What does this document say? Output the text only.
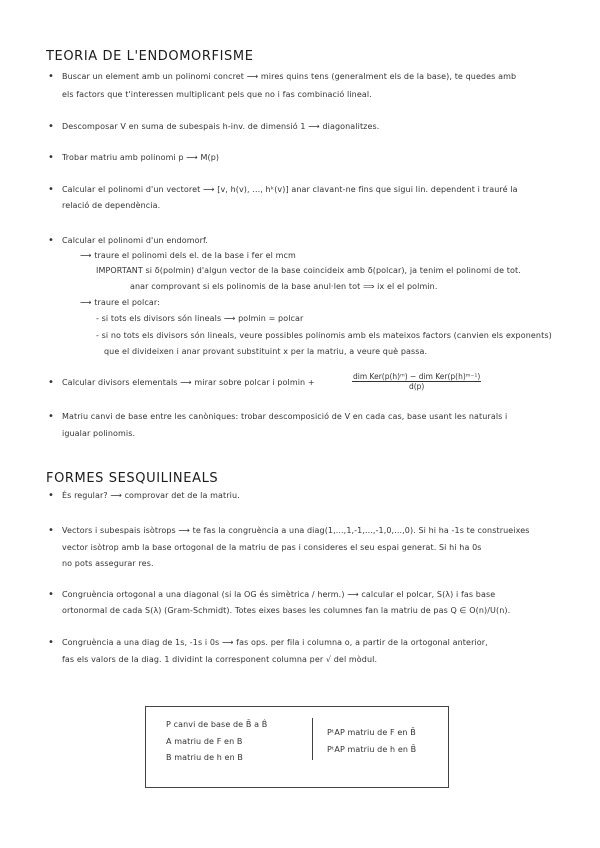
TEORIA DE L'ENDOMORFISME
• Buscar un element amb un polinomi concret ⟶ mires quins tens (generalment els de la base), te quedes amb
els factors que t'interessen multiplicant pels que no i fas combinació lineal.
• Descomposar V en suma de subespais h-inv. de dimensió 1 ⟶ diagonalitzes.
• Trobar matriu amb polinomi p ⟶ M(p)
• Calcular el polinomi d'un vectoret ⟶ [v, h(v), ..., hᵏ(v)] anar clavant-ne fins que sigui lin. dependent i trauré la
relació de dependència.
• Calcular el polinomi d'un endomorf.
⟶ traure el polinomi dels el. de la base i fer el mcm
IMPORTANT si δ(polmin) d'algun vector de la base coincideix amb δ(polcar), ja tenim el polinomi de tot.
anar comprovant si els polinomis de la base anul·len tot ⟹ ix el el polmin.
⟶ traure el polcar:
- si tots els divisors són lineals ⟶ polmin = polcar
- si no tots els divisors són lineals, veure possibles polinomis amb els mateixos factors (canvien els exponents)
que el divideixen i anar provant substituint x per la matriu, a veure què passa.
• Calcular divisors elementals ⟶ mirar sobre polcar i polmin +
dim Ker(p(h)ᵐ) − dim Ker(p(h)ᵐ⁻¹)
d(p)
• Matriu canvi de base entre les canòniques: trobar descomposició de V en cada cas, base usant les naturals i
igualar polinomis.
FORMES SESQUILINEALS
• És regular? ⟶ comprovar det de la matriu.
• Vectors i subespais isòtrops ⟶ te fas la congruència a una diag(1,...,1,-1,...,-1,0,...,0). Si hi ha -1s te construeixes
vector isòtrop amb la base ortogonal de la matriu de pas i consideres el seu espai generat. Si hi ha 0s
no pots assegurar res.
• Congruència ortogonal a una diagonal (si la OG és simètrica / herm.) ⟶ calcular el polcar, S(λ) i fas base
ortonormal de cada S(λ) (Gram-Schmidt). Totes eixes bases les columnes fan la matriu de pas Q ∈ O(n)/U(n).
• Congruència a una diag de 1s, -1s i 0s ⟶ fas ops. per fila i columna o, a partir de la ortogonal anterior,
fas els valors de la diag. 1 dividint la corresponent columna per √ del mòdul.
P canvi de base de B̄ a B̂
A matriu de F en B
B matriu de h en B
PᵗAP matriu de F en B̄
PᵗAP matriu de h en B̄
